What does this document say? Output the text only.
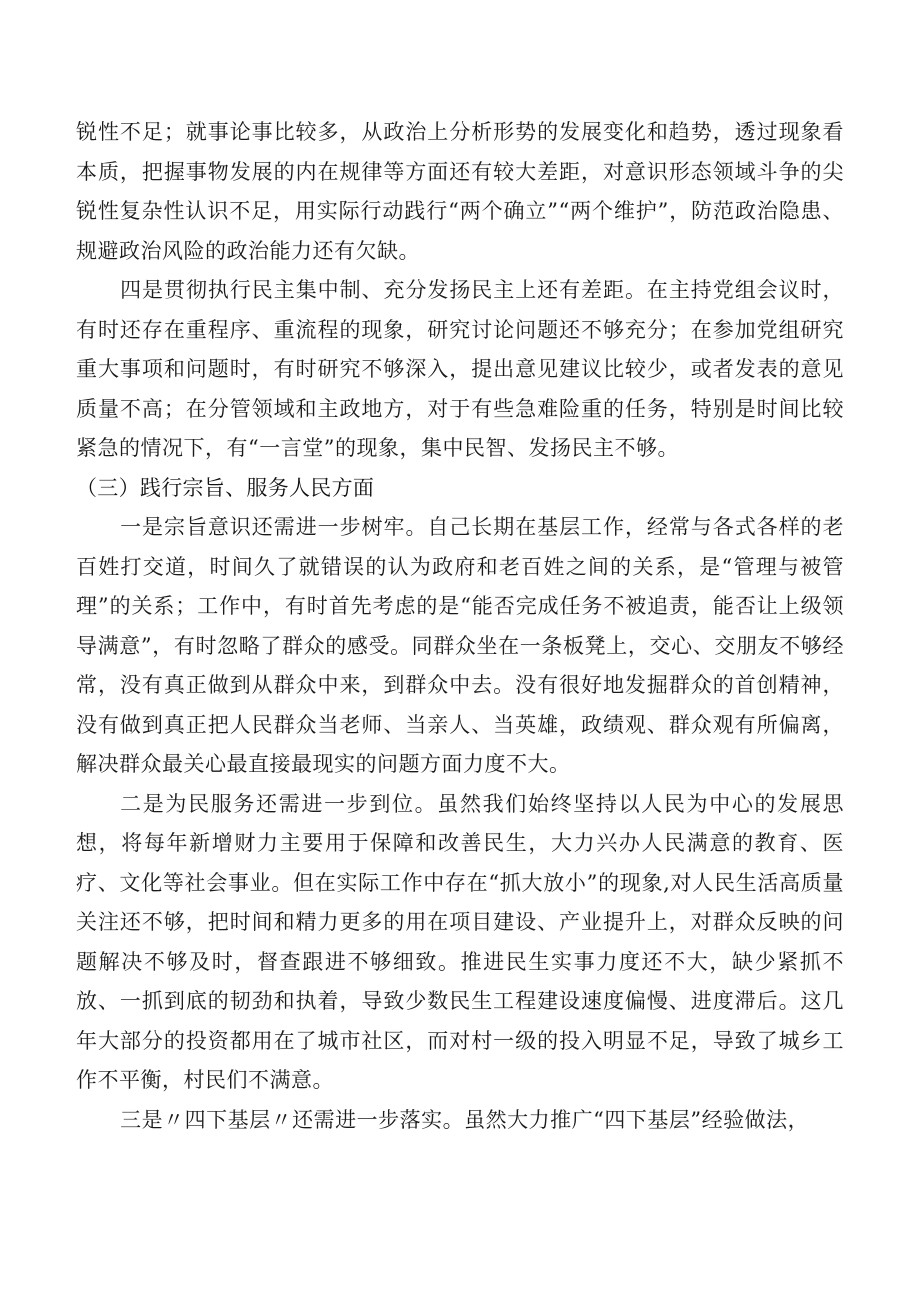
锐性不足；就事论事比较多，从政治上分析形势的发展变化和趋势，透过现象看本质，把握事物发展的内在规律等方面还有较大差距，对意识形态领域斗争的尖锐性复杂性认识不足，用实际行动践行“两个确立”“两个维护”，防范政治隐患、规避政治风险的政治能力还有欠缺。

四是贯彻执行民主集中制、充分发扬民主上还有差距。在主持党组会议时，有时还存在重程序、重流程的现象，研究讨论问题还不够充分；在参加党组研究重大事项和问题时，有时研究不够深入，提出意见建议比较少，或者发表的意见质量不高；在分管领域和主政地方，对于有些急难险重的任务，特别是时间比较紧急的情况下，有“一言堂”的现象，集中民智、发扬民主不够。

（三）践行宗旨、服务人民方面

一是宗旨意识还需进一步树牢。自己长期在基层工作，经常与各式各样的老百姓打交道，时间久了就错误的认为政府和老百姓之间的关系，是“管理与被管理”的关系；工作中，有时首先考虑的是“能否完成任务不被追责，能否让上级领导满意”，有时忽略了群众的感受。同群众坐在一条板凳上，交心、交朋友不够经常，没有真正做到从群众中来，到群众中去。没有很好地发掘群众的首创精神，没有做到真正把人民群众当老师、当亲人、当英雄，政绩观、群众观有所偏离，解决群众最关心最直接最现实的问题方面力度不大。

二是为民服务还需进一步到位。虽然我们始终坚持以人民为中心的发展思想，将每年新增财力主要用于保障和改善民生，大力兴办人民满意的教育、医疗、文化等社会事业。但在实际工作中存在“抓大放小”的现象,对人民生活高质量关注还不够，把时间和精力更多的用在项目建设、产业提升上，对群众反映的问题解决不够及时，督查跟进不够细致。推进民生实事力度还不大，缺少紧抓不放、一抓到底的韧劲和执着，导致少数民生工程建设速度偏慢、进度滞后。这几年大部分的投资都用在了城市社区，而对村一级的投入明显不足，导致了城乡工作不平衡，村民们不满意。

三是〃四下基层〃还需进一步落实。虽然大力推广“四下基层”经验做法，
